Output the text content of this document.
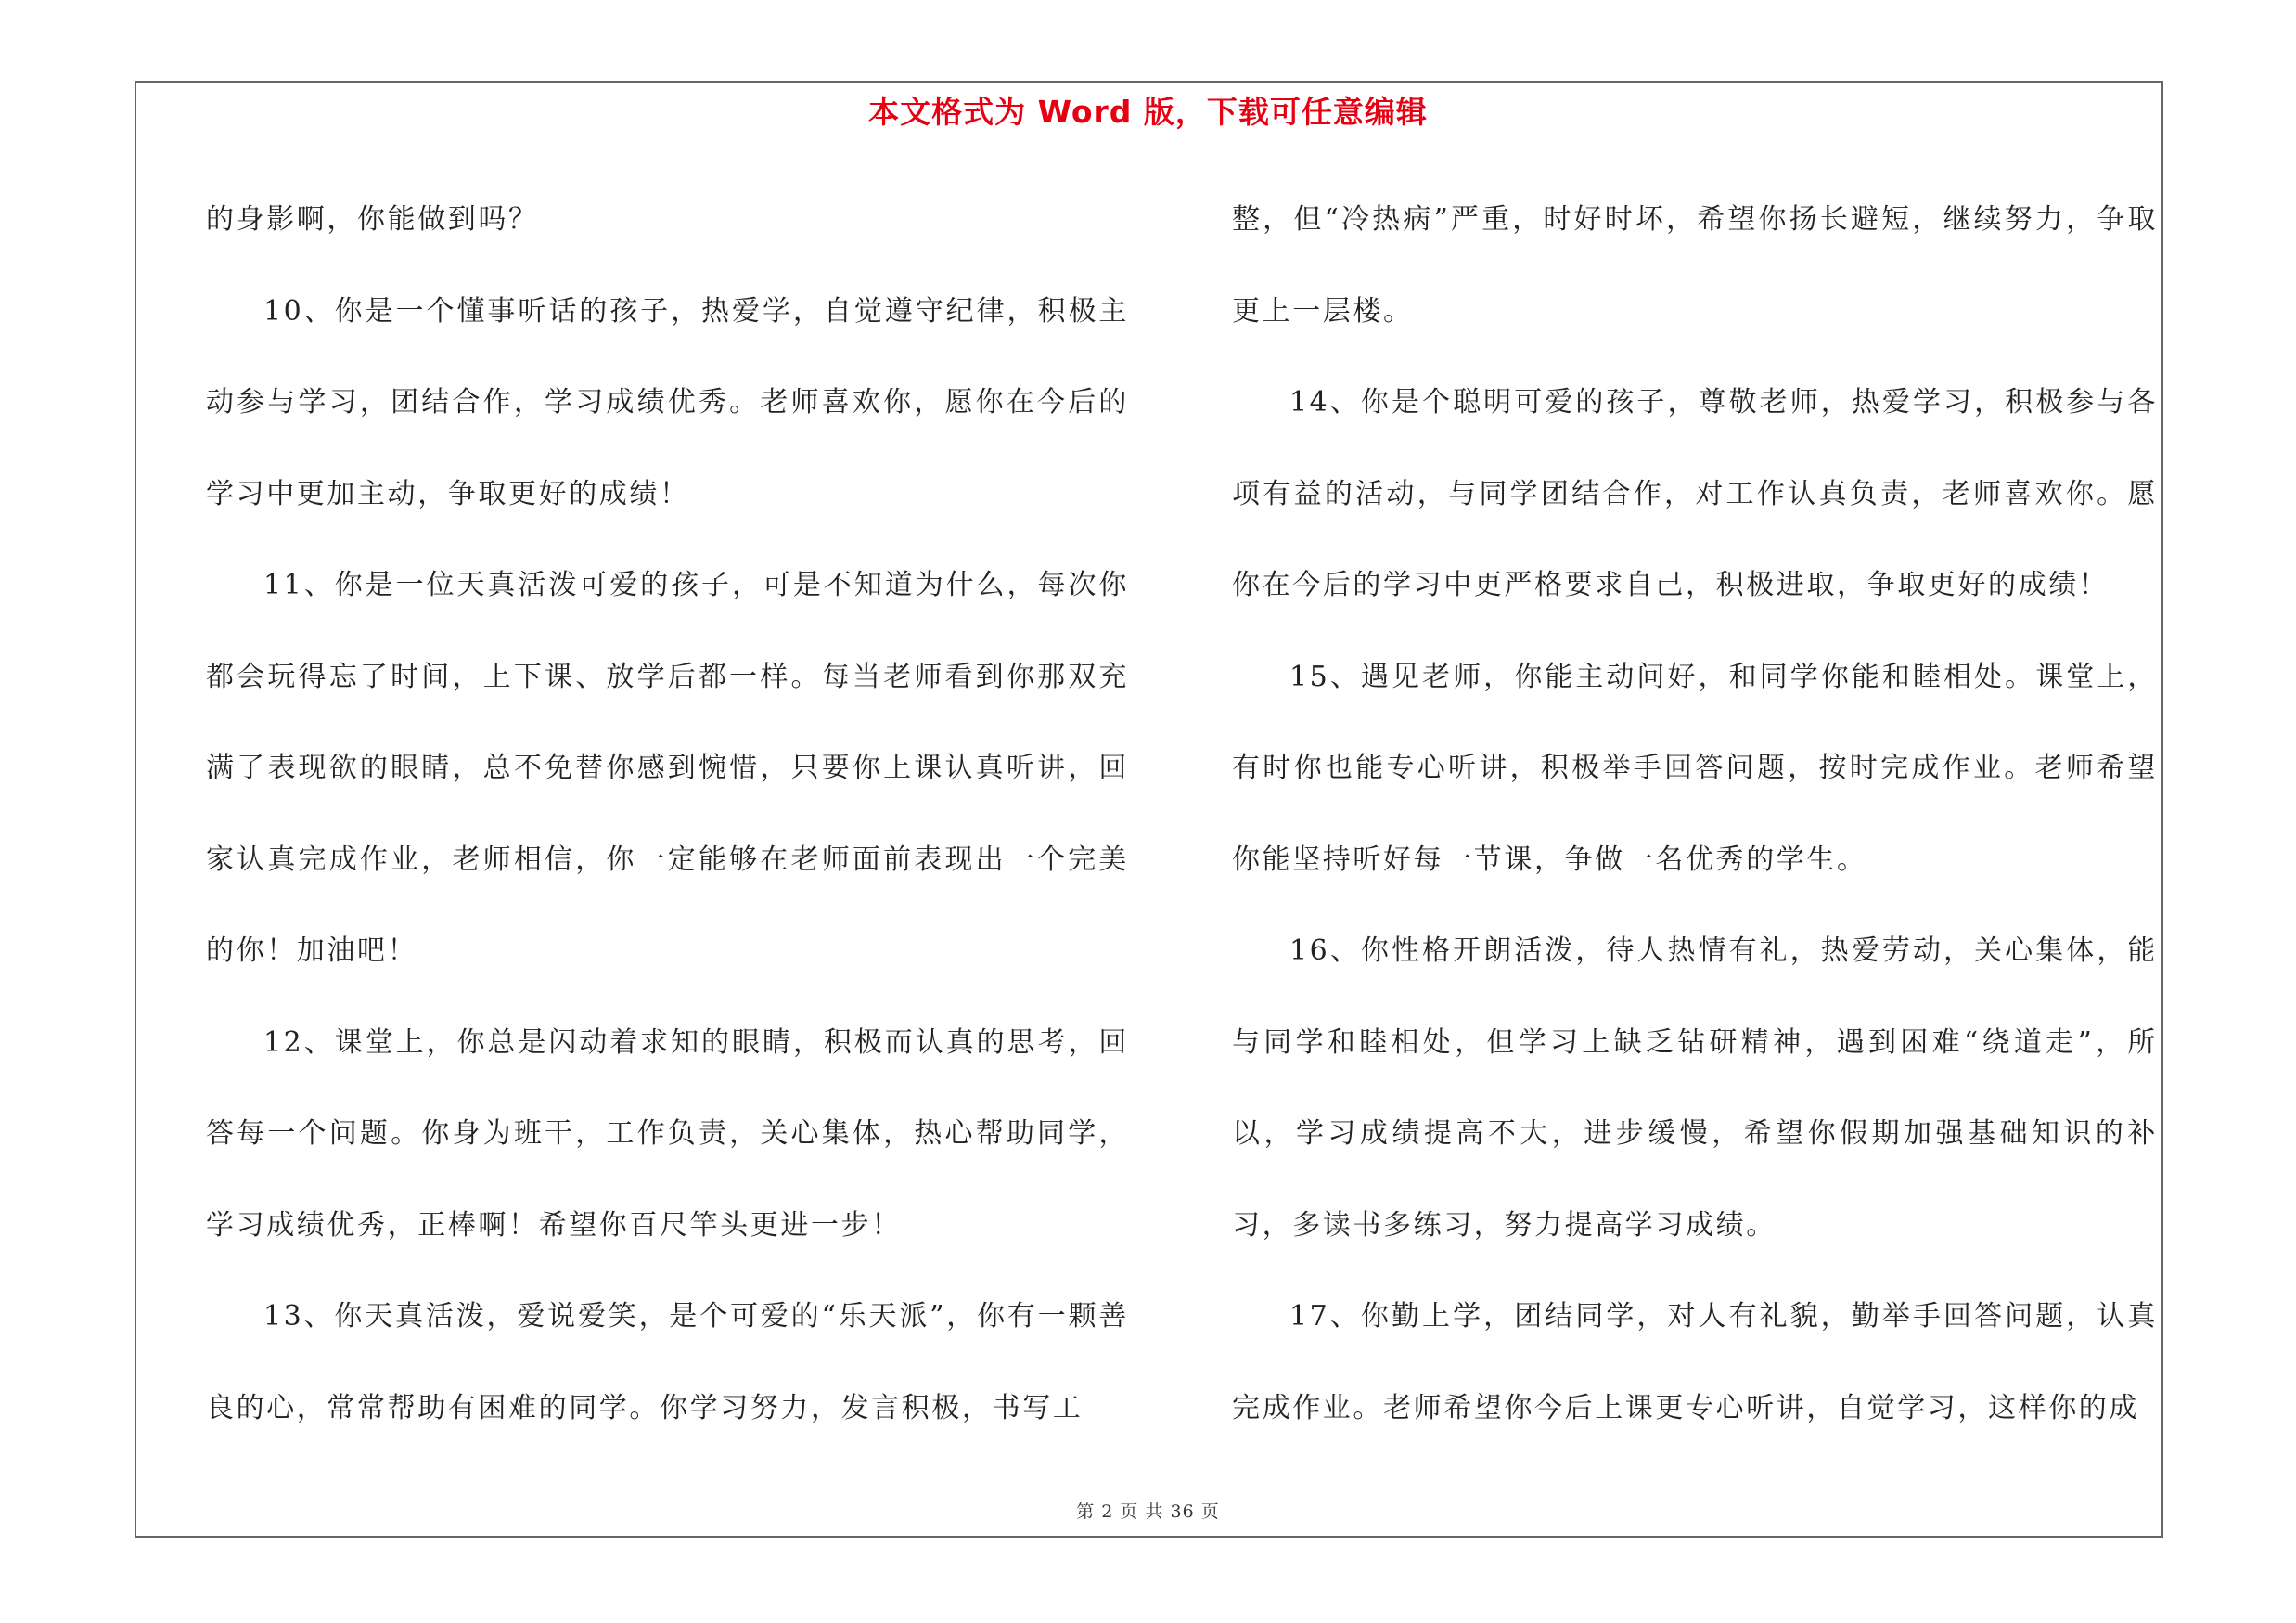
本文格式为 Word 版，下载可任意编辑

的身影啊，你能做到吗？

10、你是一个懂事听话的孩子，热爱学，自觉遵守纪律，积极主动参与学习，团结合作，学习成绩优秀。老师喜欢你，愿你在今后的学习中更加主动，争取更好的成绩！

11、你是一位天真活泼可爱的孩子，可是不知道为什么，每次你都会玩得忘了时间，上下课、放学后都一样。每当老师看到你那双充满了表现欲的眼睛，总不免替你感到惋惜，只要你上课认真听讲，回家认真完成作业，老师相信，你一定能够在老师面前表现出一个完美的你！加油吧！

12、课堂上，你总是闪动着求知的眼睛，积极而认真的思考，回答每一个问题。你身为班干，工作负责，关心集体，热心帮助同学，学习成绩优秀，正棒啊！希望你百尺竿头更进一步！

13、你天真活泼，爱说爱笑，是个可爱的“乐天派”，你有一颗善良的心，常常帮助有困难的同学。你学习努力，发言积极，书写工

整，但“冷热病”严重，时好时坏，希望你扬长避短，继续努力，争取更上一层楼。

14、你是个聪明可爱的孩子，尊敬老师，热爱学习，积极参与各项有益的活动，与同学团结合作，对工作认真负责，老师喜欢你。愿你在今后的学习中更严格要求自己，积极进取，争取更好的成绩！

15、遇见老师，你能主动问好，和同学你能和睦相处。课堂上，有时你也能专心听讲，积极举手回答问题，按时完成作业。老师希望你能坚持听好每一节课，争做一名优秀的学生。

16、你性格开朗活泼，待人热情有礼，热爱劳动，关心集体，能与同学和睦相处，但学习上缺乏钻研精神，遇到困难“绕道走”，所以，学习成绩提高不大，进步缓慢，希望你假期加强基础知识的补习，多读书多练习，努力提高学习成绩。

17、你勤上学，团结同学，对人有礼貌，勤举手回答问题，认真完成作业。老师希望你今后上课更专心听讲，自觉学习，这样你的成

第 2 页 共 36 页
